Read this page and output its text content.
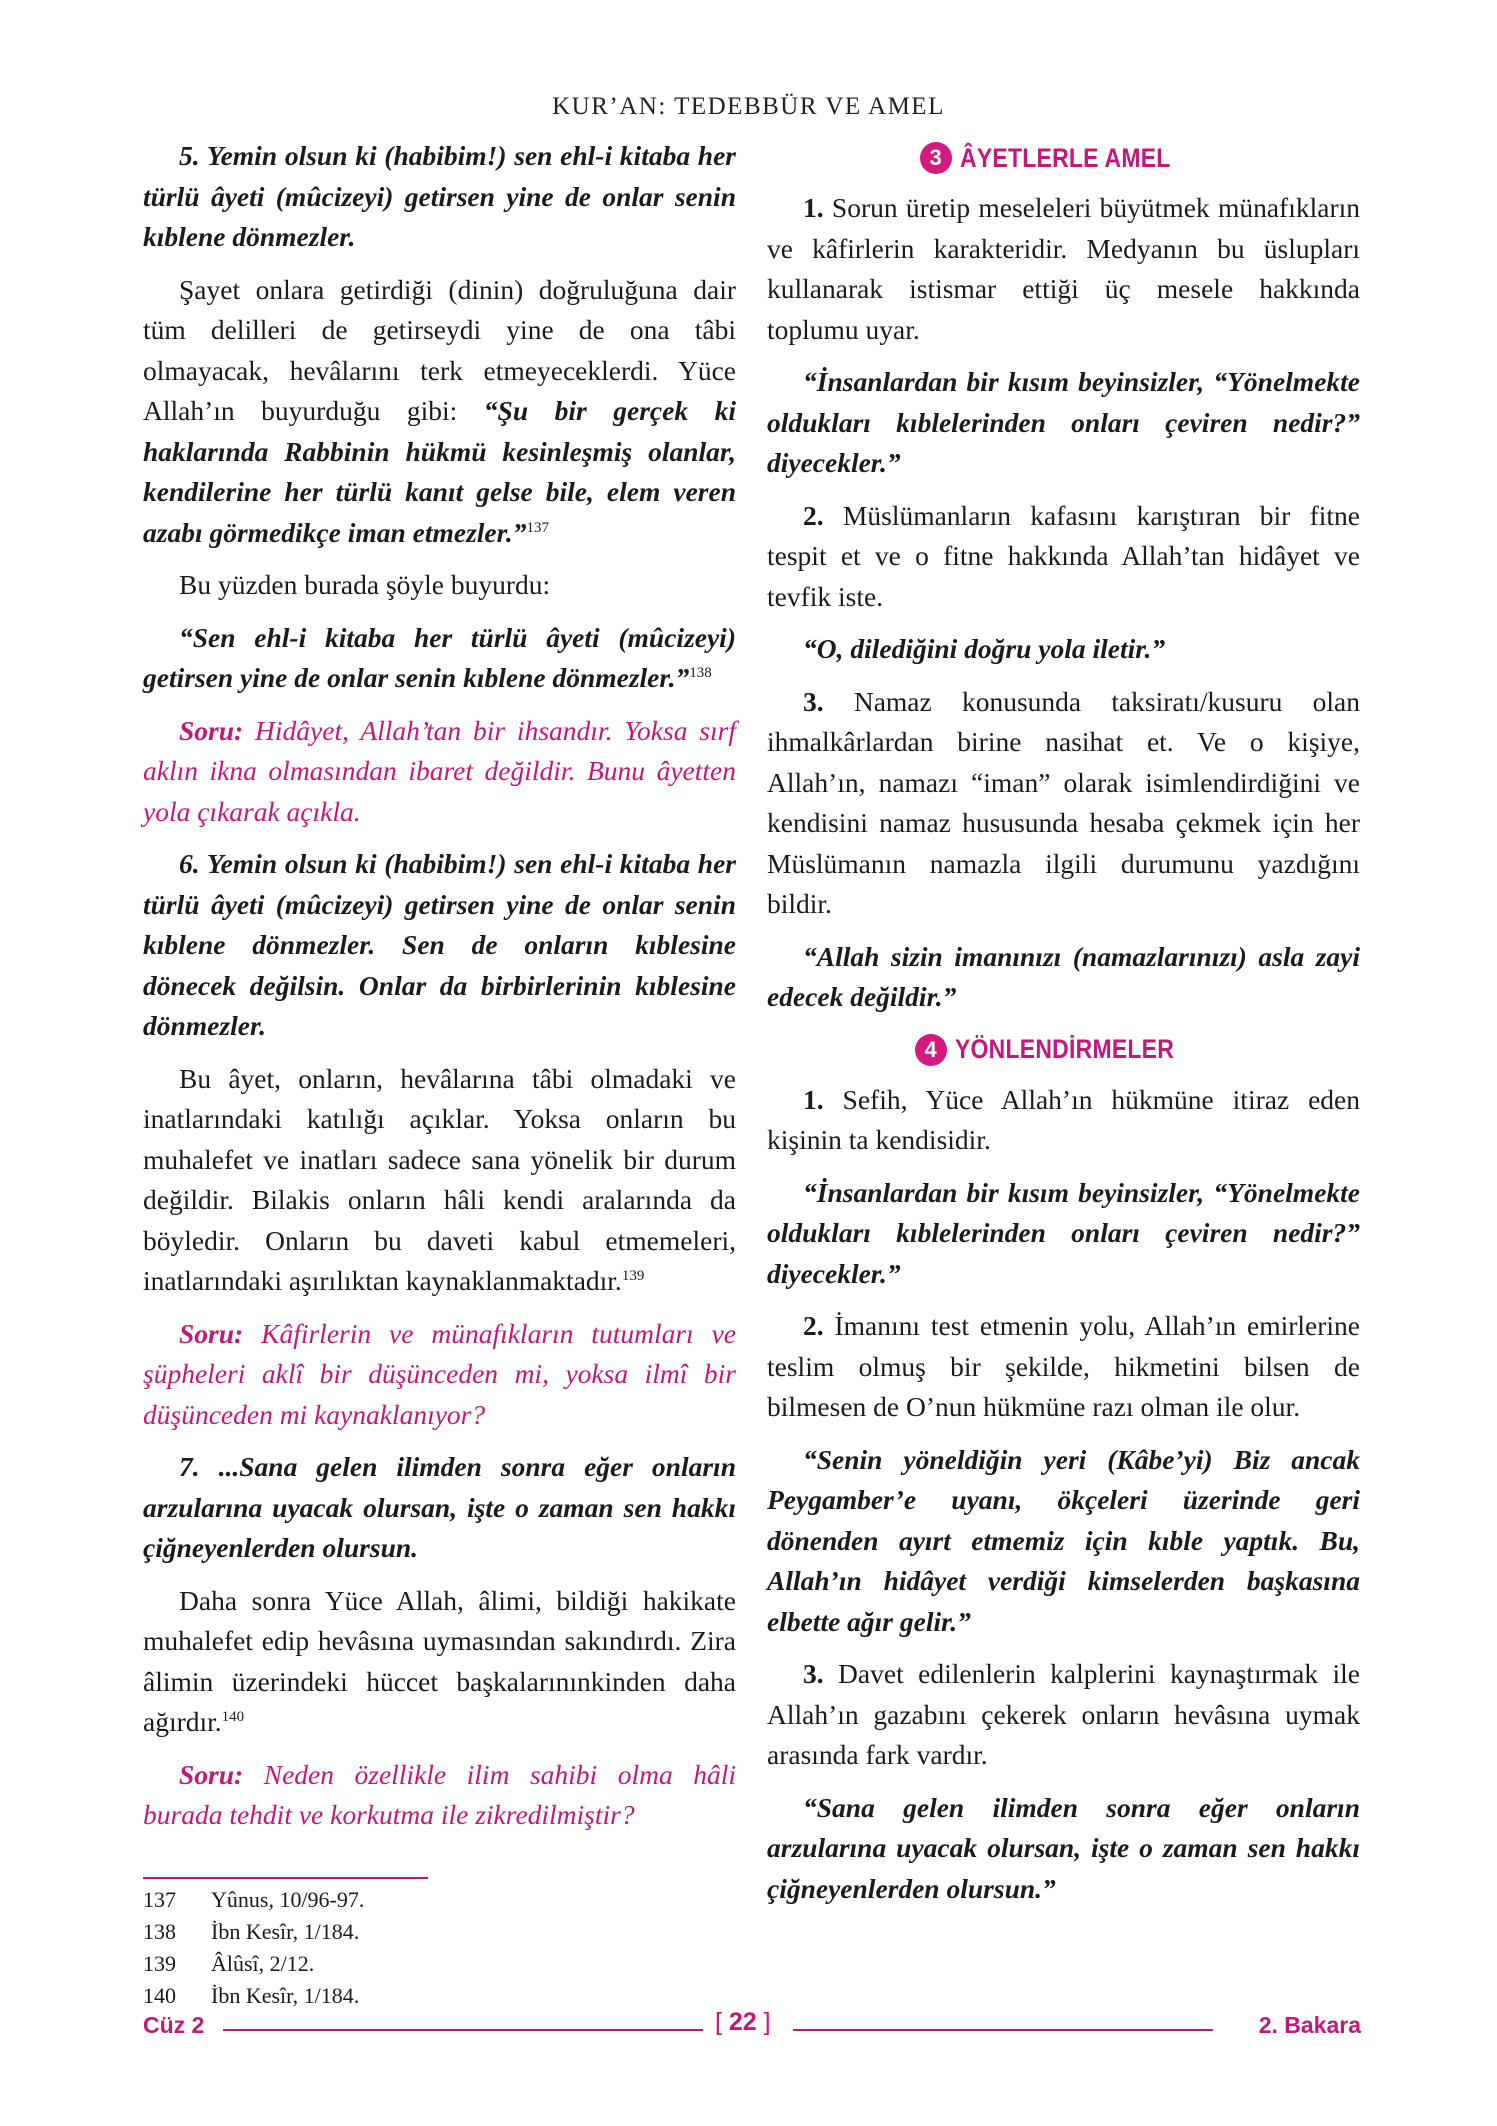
KUR’AN: TEDEBBÜR VE AMEL

5. Yemin olsun ki (habibim!) sen ehl-i kitaba her türlü âyeti (mûcizeyi) getirsen yine de onlar senin kıblene dönmezler.

Şayet onlara getirdiği (dinin) doğruluğuna dair tüm delilleri de getirseydi yine de ona tâbi olmayacak, hevâlarını terk etmeyeceklerdi. Yüce Allah’ın buyurduğu gibi: “Şu bir gerçek ki haklarında Rabbinin hükmü kesinleşmiş olanlar, kendilerine her türlü kanıt gelse bile, elem veren azabı görmedikçe iman etmezler.”$^{137}$

Bu yüzden burada şöyle buyurdu:

“Sen ehl-i kitaba her türlü âyeti (mûcizeyi) getirsen yine de onlar senin kıblene dönmezler.”$^{138}$

Soru: Hidâyet, Allah’tan bir ihsandır. Yoksa sırf aklın ikna olmasından ibaret değildir. Bunu âyetten yola çıkarak açıkla.

6. Yemin olsun ki (habibim!) sen ehl-i kitaba her türlü âyeti (mûcizeyi) getirsen yine de onlar senin kıblene dönmezler. Sen de onların kıblesine dönecek değilsin. Onlar da birbirlerinin kıblesine dönmezler.

Bu âyet, onların, hevâlarına tâbi olmadaki ve inatlarındaki katılığı açıklar. Yoksa onların bu muhalefet ve inatları sadece sana yönelik bir durum değildir. Bilakis onların hâli kendi aralarında da böyledir. Onların bu daveti kabul etmemeleri, inatlarındaki aşırılıktan kaynaklanmaktadır.$^{139}$

Soru: Kâfirlerin ve münafıkların tutumları ve şüpheleri aklî bir düşünceden mi, yoksa ilmî bir düşünceden mi kaynaklanıyor?

7. ...Sana gelen ilimden sonra eğer onların arzularına uyacak olursan, işte o zaman sen hakkı çiğneyenlerden olursun.

Daha sonra Yüce Allah, âlimi, bildiği hakikate muhalefet edip hevâsına uymasından sakındırdı. Zira âlimin üzerindeki hüccet başkalarınınkinden daha ağırdır.$^{140}$

Soru: Neden özellikle ilim sahibi olma hâli burada tehdit ve korkutma ile zikredilmiştir?

3 ÂYETLERLE AMEL

1. Sorun üretip meseleleri büyütmek münafıkların ve kâfirlerin karakteridir. Medyanın bu üslupları kullanarak istismar ettiği üç mesele hakkında toplumu uyar.

“İnsanlardan bir kısım beyinsizler, “Yönelmekte oldukları kıblelerinden onları çeviren nedir?” diyecekler.”

2. Müslümanların kafasını karıştıran bir fitne tespit et ve o fitne hakkında Allah’tan hidâyet ve tevfik iste.

“O, dilediğini doğru yola iletir.”

3. Namaz konusunda taksiratı/kusuru olan ihmalkârlardan birine nasihat et. Ve o kişiye, Allah’ın, namazı “iman” olarak isimlendirdiğini ve kendisini namaz hususunda hesaba çekmek için her Müslümanın namazla ilgili durumunu yazdığını bildir.

“Allah sizin imanınızı (namazlarınızı) asla zayi edecek değildir.”

4 YÖNLENDİRMELER

1. Sefih, Yüce Allah’ın hükmüne itiraz eden kişinin ta kendisidir.

“İnsanlardan bir kısım beyinsizler, “Yönelmekte oldukları kıblelerinden onları çeviren nedir?” diyecekler.”

2. İmanını test etmenin yolu, Allah’ın emirlerine teslim olmuş bir şekilde, hikmetini bilsen de bilmesen de O’nun hükmüne razı olman ile olur.

“Senin yöneldiğin yeri (Kâbe’yi) Biz ancak Peygamber’e uyanı, ökçeleri üzerinde geri dönenden ayırt etmemiz için kıble yaptık. Bu, Allah’ın hidâyet verdiği kimselerden başkasına elbette ağır gelir.”

3. Davet edilenlerin kalplerini kaynaştırmak ile Allah’ın gazabını çekerek onların hevâsına uymak arasında fark vardır.

“Sana gelen ilimden sonra eğer onların arzularına uyacak olursan, işte o zaman sen hakkı çiğneyenlerden olursun.”

137	Yûnus, 10/96-97.
138	İbn Kesîr, 1/184.
139	Âlûsî, 2/12.
140	İbn Kesîr, 1/184.
Cüz 2	[ 22 ]	2. Bakara
